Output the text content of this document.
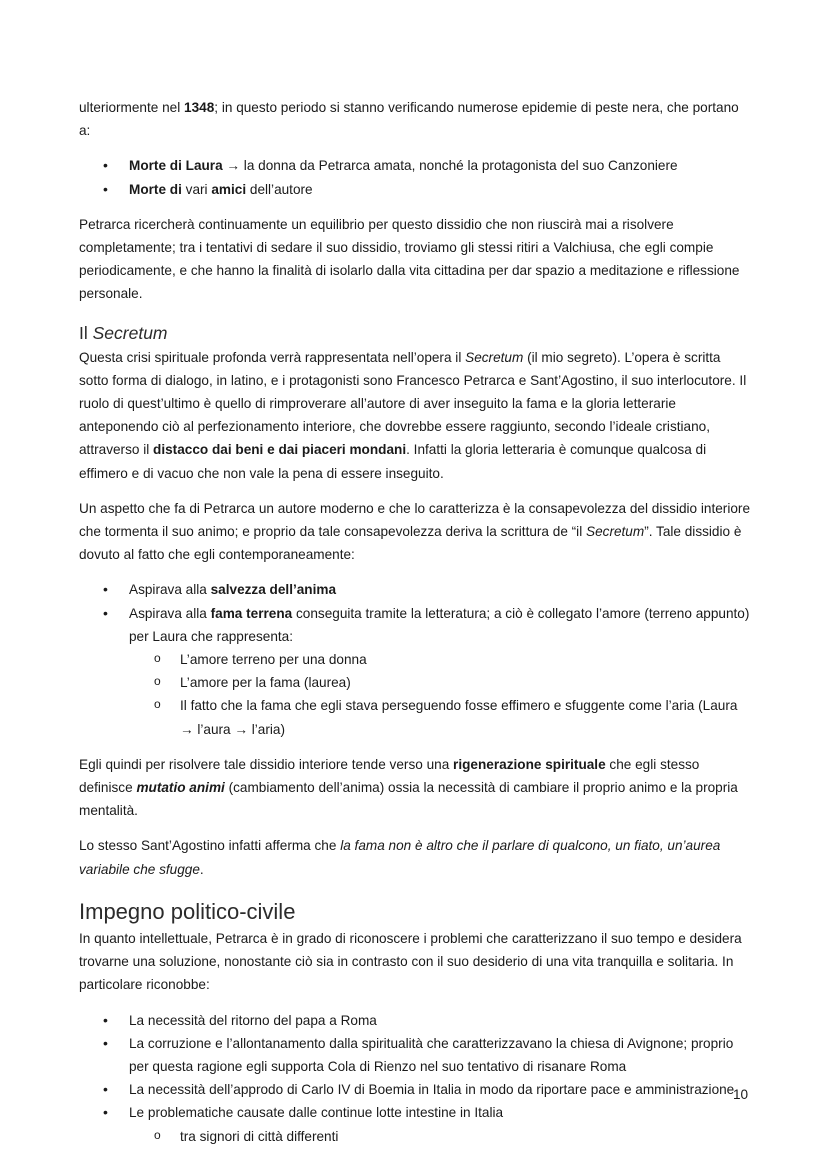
ulteriormente nel 1348; in questo periodo si stanno verificando numerose epidemie di peste nera, che portano a:

• Morte di Laura → la donna da Petrarca amata, nonché la protagonista del suo Canzoniere
• Morte di vari amici dell’autore

Petrarca ricercherà continuamente un equilibrio per questo dissidio che non riuscirà mai a risolvere completamente; tra i tentativi di sedare il suo dissidio, troviamo gli stessi ritiri a Valchiusa, che egli compie periodicamente, e che hanno la finalità di isolarlo dalla vita cittadina per dar spazio a meditazione e riflessione personale.

Il Secretum

Questa crisi spirituale profonda verrà rappresentata nell’opera il Secretum (il mio segreto). L’opera è scritta sotto forma di dialogo, in latino, e i protagonisti sono Francesco Petrarca e Sant’Agostino, il suo interlocutore. Il ruolo di quest’ultimo è quello di rimproverare all’autore di aver inseguito la fama e la gloria letterarie anteponendo ciò al perfezionamento interiore, che dovrebbe essere raggiunto, secondo l’ideale cristiano, attraverso il distacco dai beni e dai piaceri mondani. Infatti la gloria letteraria è comunque qualcosa di effimero e di vacuo che non vale la pena di essere inseguito.

Un aspetto che fa di Petrarca un autore moderno e che lo caratterizza è la consapevolezza del dissidio interiore che tormenta il suo animo; e proprio da tale consapevolezza deriva la scrittura de “il Secretum”. Tale dissidio è dovuto al fatto che egli contemporaneamente:

• Aspirava alla salvezza dell’anima
• Aspirava alla fama terrena conseguita tramite la letteratura; a ciò è collegato l’amore (terreno appunto) per Laura che rappresenta:
o L’amore terreno per una donna
o L’amore per la fama (laurea)
o Il fatto che la fama che egli stava perseguendo fosse effimero e sfuggente come l’aria (Laura → l’aura → l’aria)

Egli quindi per risolvere tale dissidio interiore tende verso una rigenerazione spirituale che egli stesso definisce mutatio animi (cambiamento dell’anima) ossia la necessità di cambiare il proprio animo e la propria mentalità.

Lo stesso Sant’Agostino infatti afferma che la fama non è altro che il parlare di qualcono, un fiato, un’aurea variabile che sfugge.

Impegno politico-civile

In quanto intellettuale, Petrarca è in grado di riconoscere i problemi che caratterizzano il suo tempo e desidera trovarne una soluzione, nonostante ciò sia in contrasto con il suo desiderio di una vita tranquilla e solitaria. In particolare riconobbe:

• La necessità del ritorno del papa a Roma
• La corruzione e l’allontanamento dalla spiritualità che caratterizzavano la chiesa di Avignone; proprio per questa ragione egli supporta Cola di Rienzo nel suo tentativo di risanare Roma
• La necessità dell’approdo di Carlo IV di Boemia in Italia in modo da riportare pace e amministrazione
• Le problematiche causate dalle continue lotte intestine in Italia
o tra signori di città differenti
10
